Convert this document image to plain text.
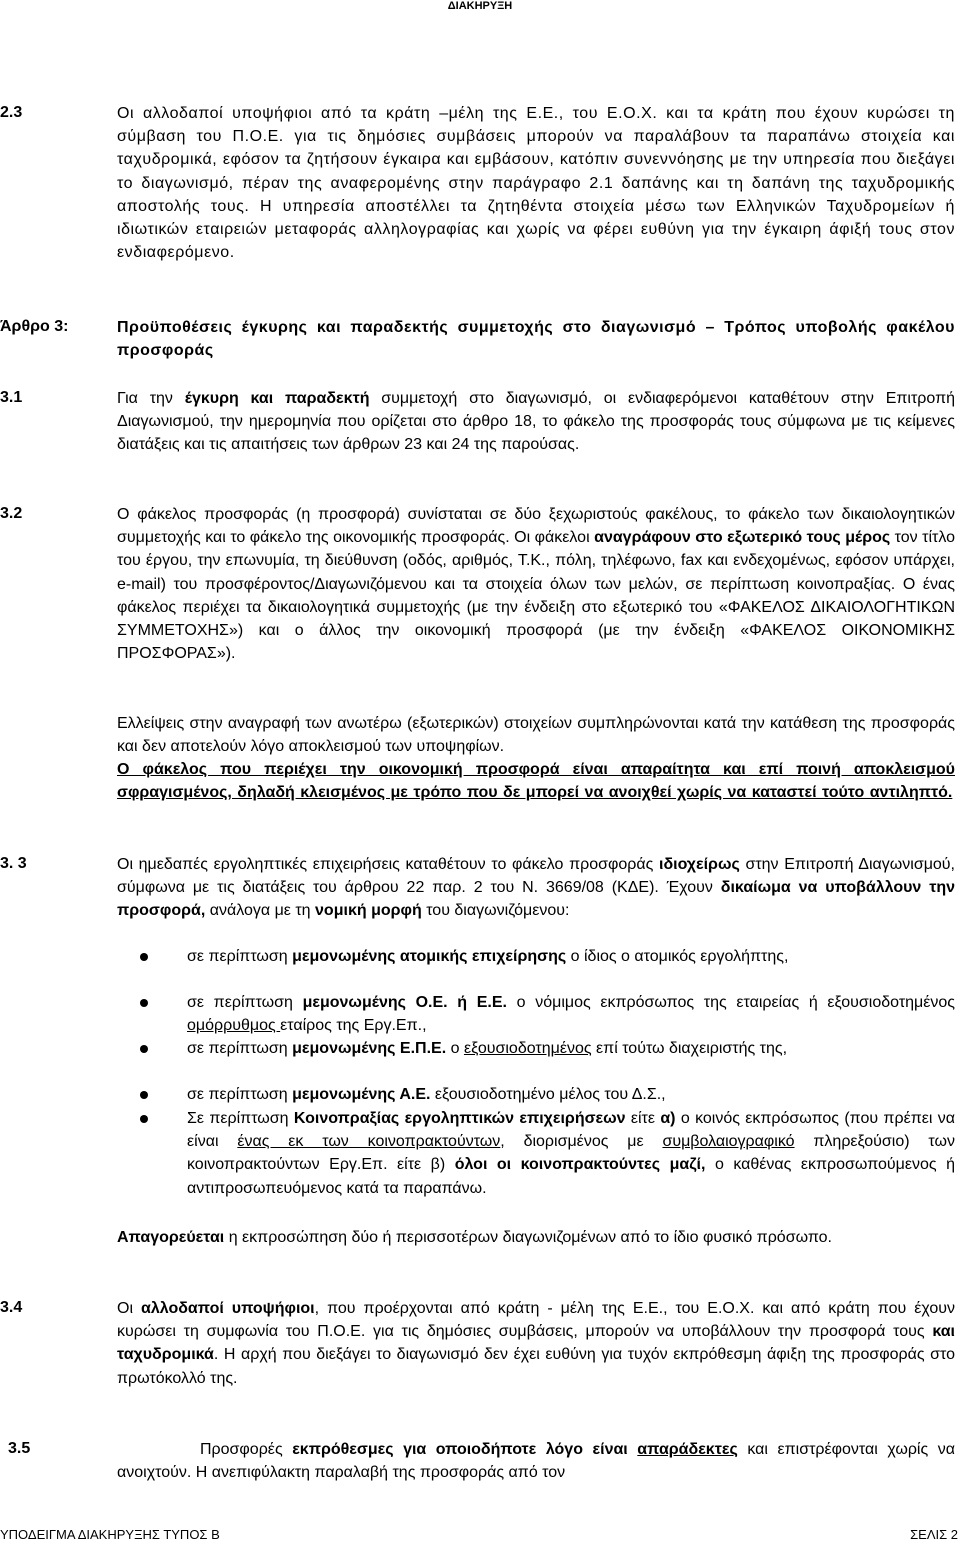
ΔΙΑΚΗΡΥΞΗ
2.3	Οι αλλοδαποί υποψήφιοι από τα κράτη –μέλη της Ε.Ε., του Ε.Ο.Χ. και τα κράτη που έχουν κυρώσει τη σύμβαση του Π.Ο.Ε. για τις δημόσιες συμβάσεις μπορούν να παραλάβουν τα παραπάνω στοιχεία και ταχυδρομικά, εφόσον τα ζητήσουν έγκαιρα και εμβάσουν, κατόπιν συνεννόησης με την υπηρεσία που διεξάγει το διαγωνισμό, πέραν της αναφερομένης στην παράγραφο 2.1 δαπάνης και τη δαπάνη της ταχυδρομικής αποστολής τους. Η υπηρεσία αποστέλλει τα ζητηθέντα στοιχεία μέσω των Ελληνικών Ταχυδρομείων ή ιδιωτικών εταιρειών μεταφοράς αλληλογραφίας και χωρίς να φέρει ευθύνη για την έγκαιρη άφιξή τους στον ενδιαφερόμενο.
Άρθρο 3:	Προϋποθέσεις έγκυρης και παραδεκτής συμμετοχής στο διαγωνισμό – Τρόπος υποβολής φακέλου προσφοράς
3.1	Για την έγκυρη και παραδεκτή συμμετοχή στο διαγωνισμό, οι ενδιαφερόμενοι καταθέτουν στην Επιτροπή Διαγωνισμού, την ημερομηνία που ορίζεται στο άρθρο 18, το φάκελο της προσφοράς τους σύμφωνα με τις κείμενες διατάξεις και τις απαιτήσεις των άρθρων 23 και 24 της παρούσας.
3.2	Ο φάκελος προσφοράς (η προσφορά) συνίσταται σε δύο ξεχωριστούς φακέλους, το φάκελο των δικαιολογητικών συμμετοχής και το φάκελο της οικονομικής προσφοράς. Οι φάκελοι αναγράφουν στο εξωτερικό τους μέρος τον τίτλο του έργου, την επωνυμία, τη διεύθυνση (οδός, αριθμός, Τ.Κ., πόλη, τηλέφωνο, fax και ενδεχομένως, εφόσον υπάρχει, e-mail) του προσφέροντος/Διαγωνιζόμενου και τα στοιχεία όλων των μελών, σε περίπτωση κοινοπραξίας. Ο ένας φάκελος περιέχει τα δικαιολογητικά συμμετοχής (με την ένδειξη στο εξωτερικό του «ΦΑΚΕΛΟΣ ΔΙΚΑΙΟΛΟΓΗΤΙΚΩΝ ΣΥΜΜΕΤΟΧΗΣ») και ο άλλος την οικονομική προσφορά (με την ένδειξη «ΦΑΚΕΛΟΣ ΟΙΚΟΝΟΜΙΚΗΣ ΠΡΟΣΦΟΡΑΣ»).
Ελλείψεις στην αναγραφή των ανωτέρω (εξωτερικών) στοιχείων συμπληρώνονται κατά την κατάθεση της προσφοράς και δεν αποτελούν λόγο αποκλεισμού των υποψηφίων.
Ο φάκελος που περιέχει την οικονομική προσφορά είναι απαραίτητα και επί ποινή αποκλεισμού σφραγισμένος, δηλαδή κλεισμένος με τρόπο που δε μπορεί να ανοιχθεί χωρίς να καταστεί τούτο αντιληπτό.
3. 3	Οι ημεδαπές εργοληπτικές επιχειρήσεις καταθέτουν το φάκελο προσφοράς ιδιοχείρως στην Επιτροπή Διαγωνισμού, σύμφωνα με τις διατάξεις του άρθρου 22 παρ. 2 του Ν. 3669/08 (ΚΔΕ). Έχουν δικαίωμα να υποβάλλουν την προσφορά, ανάλογα με τη νομική μορφή του διαγωνιζόμενου:
σε περίπτωση μεμονωμένης ατομικής επιχείρησης ο ίδιος ο ατομικός εργολήπτης,
σε περίπτωση μεμονωμένης Ο.Ε. ή Ε.Ε. ο νόμιμος εκπρόσωπος της εταιρείας ή εξουσιοδοτημένος ομόρρυθμος εταίρος της Εργ.Επ.,
σε περίπτωση μεμονωμένης Ε.Π.Ε. ο εξουσιοδοτημένος επί τούτω διαχειριστής της,
σε περίπτωση μεμονωμένης Α.Ε. εξουσιοδοτημένο μέλος του Δ.Σ.,
Σε περίπτωση Κοινοπραξίας εργοληπτικών επιχειρήσεων είτε α) ο κοινός εκπρόσωπος (που πρέπει να είναι ένας εκ των κοινοπρακτούντων, διορισμένος με συμβολαιογραφικό πληρεξούσιο) των κοινοπρακτούντων Εργ.Επ. είτε β) όλοι οι κοινοπρακτούντες μαζί, ο καθένας εκπροσωπούμενος ή αντιπροσωπευόμενος κατά τα παραπάνω.
Απαγορεύεται η εκπροσώπηση δύο ή περισσοτέρων διαγωνιζομένων από το ίδιο φυσικό πρόσωπο.
3.4	Οι αλλοδαποί υποψήφιοι, που προέρχονται από κράτη - μέλη της Ε.Ε., του Ε.Ο.Χ. και από κράτη που έχουν κυρώσει τη συμφωνία του Π.Ο.Ε. για τις δημόσιες συμβάσεις, μπορούν να υποβάλλουν την προσφορά τους και ταχυδρομικά. Η αρχή που διεξάγει το διαγωνισμό δεν έχει ευθύνη για τυχόν εκπρόθεσμη άφιξη της προσφοράς στο πρωτόκολλό της.
3.5	Προσφορές εκπρόθεσμες για οποιοδήποτε λόγο είναι απαράδεκτες και επιστρέφονται χωρίς να ανοιχτούν. Η ανεπιφύλακτη παραλαβή της προσφοράς από τον
ΥΠΟΔΕΙΓΜΑ ΔΙΑΚΗΡΥΞΗΣ ΤΥΠΟΣ Β	ΣΕΛΙΣ 2
